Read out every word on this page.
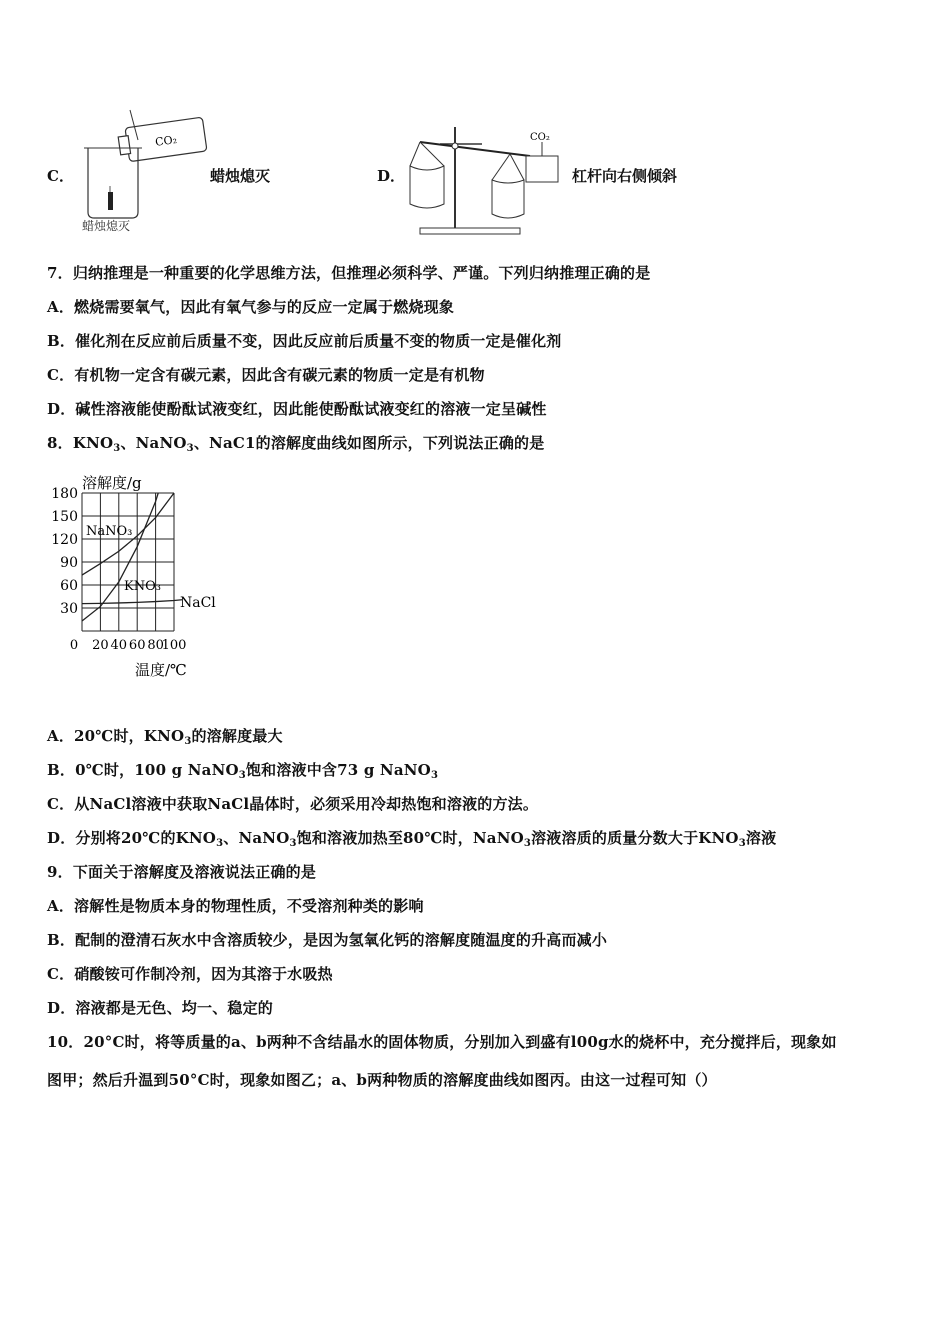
C．
CO₂
蜡烛熄灭
蜡烛熄灭	D．
CO₂
杠杆向右侧倾斜
7．归纳推理是一种重要的化学思维方法，但推理必须科学、严谨。下列归纳推理正确的是
A．燃烧需要氧气，因此有氧气参与的反应一定属于燃烧现象
B．催化剂在反应前后质量不变，因此反应前后质量不变的物质一定是催化剂
C．有机物一定含有碳元素，因此含有碳元素的物质一定是有机物
D．碱性溶液能使酚酞试液变红，因此能使酚酞试液变红的溶液一定呈碱性
8．$KNO_3$、NaNO$_3$、NaC1的溶解度曲线如图所示，下列说法正确的是
30
60
90
120
150
180
0 20 40 60 80
100
溶解度/g
温度/℃
NaNO₃
KNO₃
NaCl
A．20℃时，$KNO_3$的溶解度最大
B．0℃时，100 g NaNO$_3$饱和溶液中含73 g NaNO$_3$
C．从NaCl溶液中获取NaCl晶体时，必须采用冷却热饱和溶液的方法。
D．分别将20℃的$KNO_3$、NaNO$_3$饱和溶液加热至80℃时，NaNO$_3$溶液溶质的质量分数大于$KNO_3$溶液
9．下面关于溶解度及溶液说法正确的是
A．溶解性是物质本身的物理性质，不受溶剂种类的影响
B．配制的澄清石灰水中含溶质较少，是因为氢氧化钙的溶解度随温度的升高而减小
C．硝酸铵可作制冷剂，因为其溶于水吸热
D．溶液都是无色、均一、稳定的
10．20°C时，将等质量的a、b两种不含结晶水的固体物质，分别加入到盛有l00g水的烧杯中，充分搅拌后，现象如
图甲；然后升温到50°C时，现象如图乙；a、b两种物质的溶解度曲线如图丙。由这一过程可知（）
